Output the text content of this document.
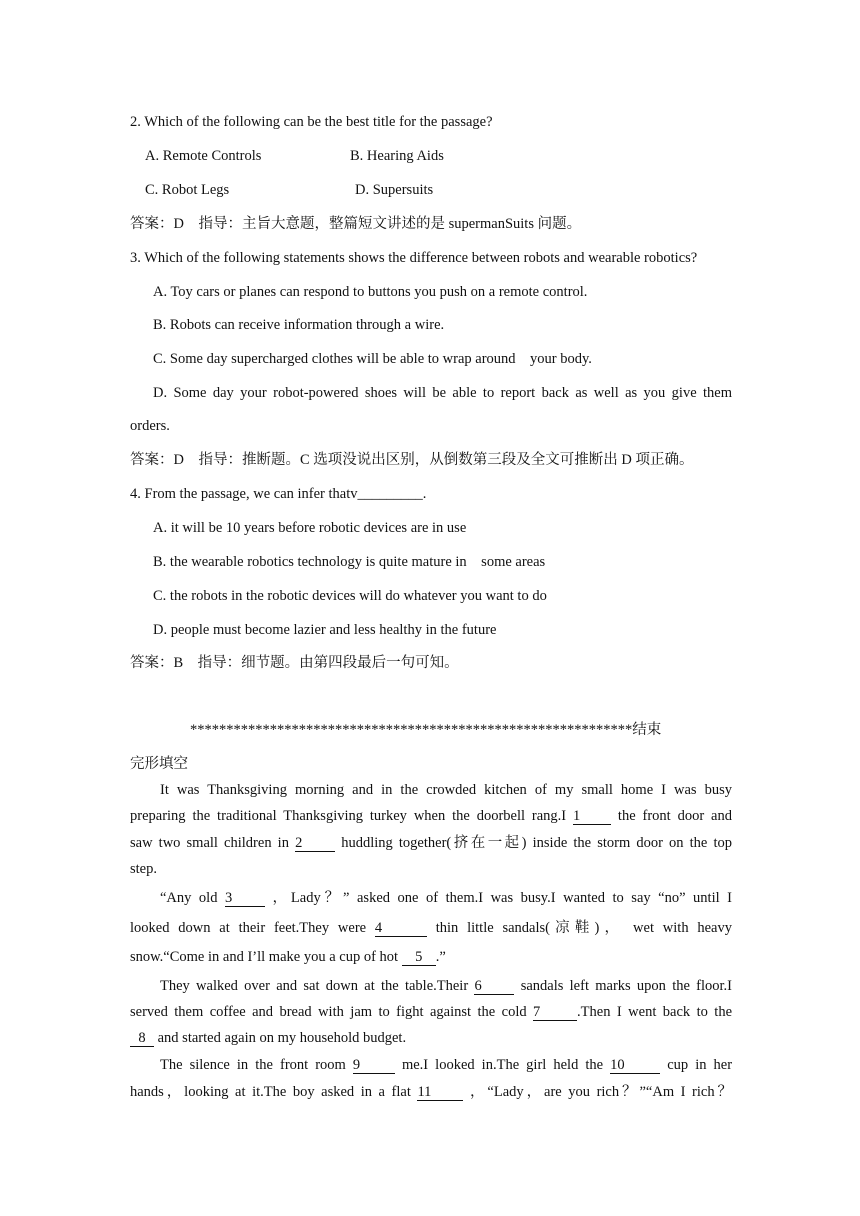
2. Which of the following can be the best title for the passage?
A. Remote Controls	B. Hearing Aids
C. Robot Legs	D. Supersuits
答案：D　指导：主旨大意题，整篇短文讲述的是 supermanSuits 问题。
3. Which of the following statements shows the difference between robots and wearable robotics?
A. Toy cars or planes can respond to buttons you push on a remote control.
B. Robots can receive information through a wire.
C. Some day supercharged clothes will be able to wrap around　your body.
D. Some day your robot-powered shoes will be able to report back as well as you give them
orders.
答案：D　指导：推断题。C 选项没说出区别，从倒数第三段及全文可推断出 D 项正确。
4. From the passage, we can infer thatv_________.
A. it will be 10 years before robotic devices are in use
B. the wearable robotics technology is quite mature in　some areas
C. the robots in the robotic devices will do whatever you want to do
D. people must become lazier and less healthy in the future
答案：B　指导：细节题。由第四段最后一句可知。
*************************************************************结束
完形填空
It was Thanksgiving morning and in the crowded kitchen of my small home I was busy
preparing the traditional Thanksgiving turkey when the doorbell rang.I 1	the front door and
saw two small children in 2	huddling together(挤在一起) inside the storm door on the top
step.
“Any old 3	，Lady？” asked one of them.I was busy.I wanted to say “no” until I
looked down at their feet.They were 4	thin little sandals(凉鞋)， wet with heavy
snow.“Come in and I’ll make you a cup of hot 5 .”
They walked over and sat down at the table.Their 6	sandals left marks upon the floor.I
served them coffee and bread with jam to fight against the cold 7	.Then I went back to the
8 and started again on my household budget.
The silence in the front room 9	me.I looked in.The girl held the 10	cup in her
hands，looking at it.The boy asked in a flat 11	，“Lady，are you rich？”“Am I rich？
